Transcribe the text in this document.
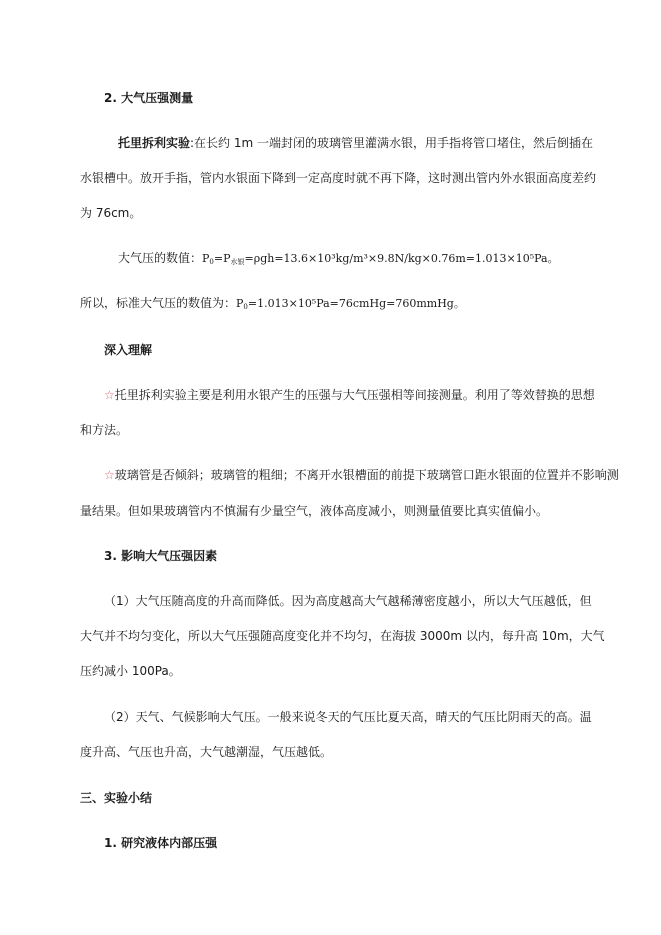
2. 大气压强测量
托里拆利实验:在长约 1m 一端封闭的玻璃管里灌满水银，用手指将管口堵住，然后倒插在
水银槽中。放开手指，管内水银面下降到一定高度时就不再下降，这时测出管内外水银面高度差约
为 76cm。
大气压的数值：$P_0=P_{水银}=\rho gh=13.6\times 10^3kg/m^3\times 9.8N/kg\times 0.76m=1.013\times 10^5Pa$。
所以，标准大气压的数值为：$P_0=1.013\times 10^5Pa=76cmHg=760mmHg$。
深入理解
☆托里拆利实验主要是利用水银产生的压强与大气压强相等间接测量。利用了等效替换的思想
和方法。
☆玻璃管是否倾斜；玻璃管的粗细；不离开水银槽面的前提下玻璃管口距水银面的位置并不影响测
量结果。但如果玻璃管内不慎漏有少量空气，液体高度减小，则测量值要比真实值偏小。
3. 影响大气压强因素
（1）大气压随高度的升高而降低。因为高度越高大气越稀薄密度越小，所以大气压越低，但
大气并不均匀变化，所以大气压强随高度变化并不均匀，在海拔 3000m 以内，每升高 10m，大气
压约减小 100Pa。
（2）天气、气候影响大气压。一般来说冬天的气压比夏天高，晴天的气压比阴雨天的高。温
度升高、气压也升高，大气越潮湿，气压越低。
三、实验小结
1. 研究液体内部压强
